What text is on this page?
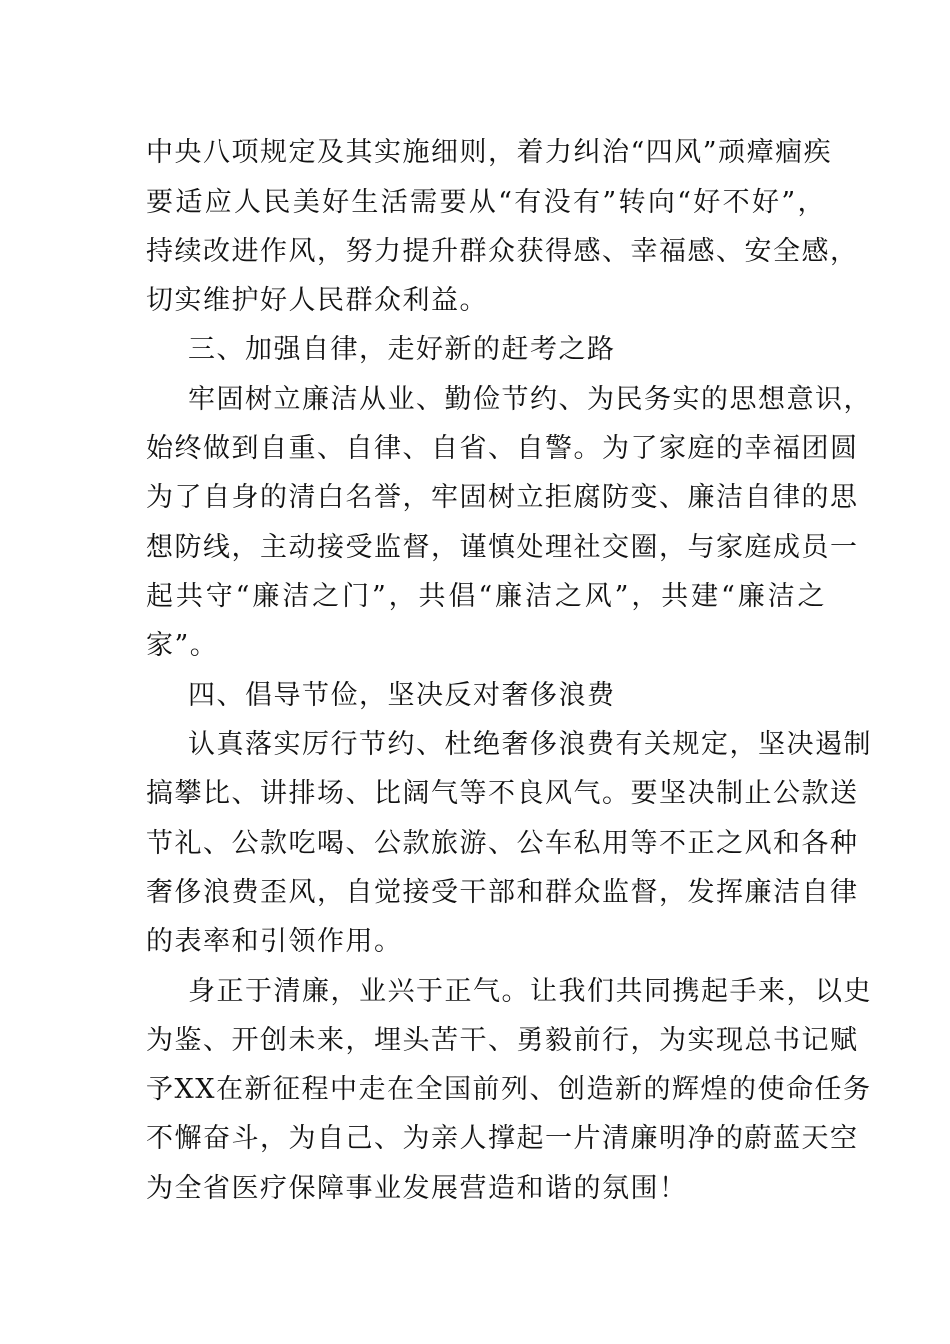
中央八项规定及其实施细则，着力纠治“四风”顽瘴痼疾
要适应人民美好生活需要从“有没有”转向“好不好”，
持续改进作风，努力提升群众获得感、幸福感、安全感，
切实维护好人民群众利益。
三、加强自律，走好新的赶考之路
牢固树立廉洁从业、勤俭节约、为民务实的思想意识，
始终做到自重、自律、自省、自警。为了家庭的幸福团圆
为了自身的清白名誉，牢固树立拒腐防变、廉洁自律的思
想防线，主动接受监督，谨慎处理社交圈，与家庭成员一
起共守“廉洁之门”，共倡“廉洁之风”，共建“廉洁之
家”。
四、倡导节俭，坚决反对奢侈浪费
认真落实厉行节约、杜绝奢侈浪费有关规定，坚决遏制
搞攀比、讲排场、比阔气等不良风气。要坚决制止公款送
节礼、公款吃喝、公款旅游、公车私用等不正之风和各种
奢侈浪费歪风，自觉接受干部和群众监督，发挥廉洁自律
的表率和引领作用。
身正于清廉，业兴于正气。让我们共同携起手来，以史
为鉴、开创未来，埋头苦干、勇毅前行，为实现总书记赋
予XX在新征程中走在全国前列、创造新的辉煌的使命任务
不懈奋斗，为自己、为亲人撑起一片清廉明净的蔚蓝天空
为全省医疗保障事业发展营造和谐的氛围！
